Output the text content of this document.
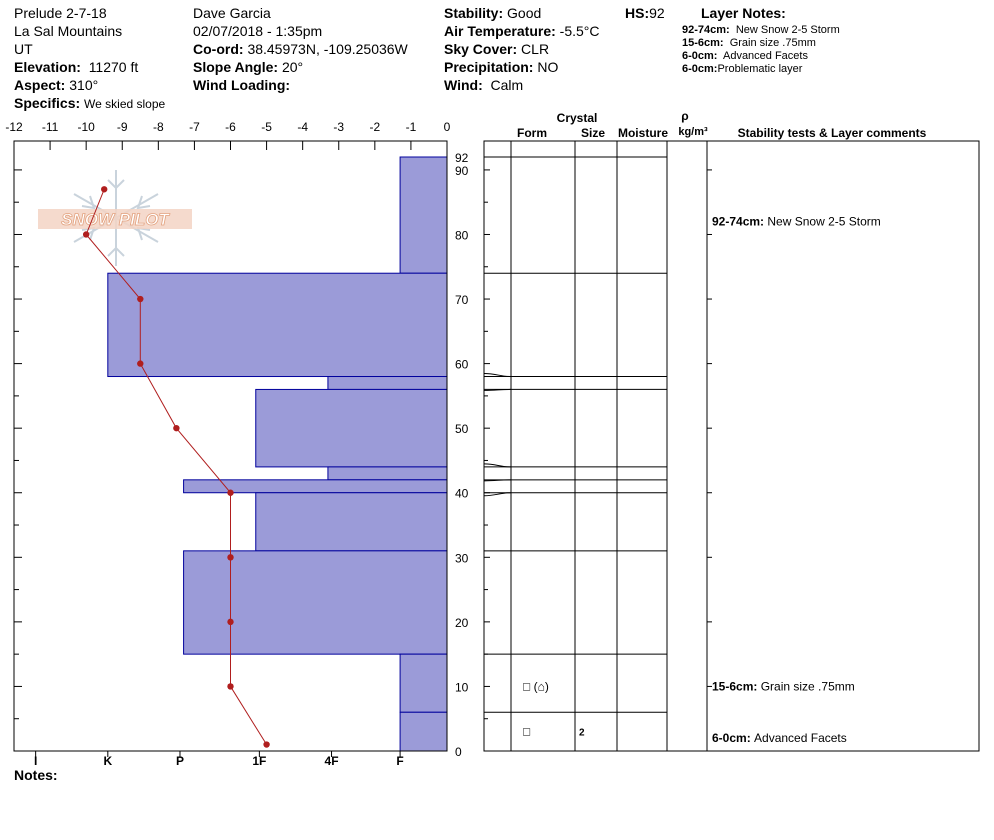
Prelude 2-7-18
La Sal Mountains
UT
Elevation: 11270 ft
Aspect: 310°
Specifics: We skied slope
Dave Garcia
02/07/2018 - 1:35pm
Co-ord: 38.45973N, -109.25036W
Slope Angle: 20°
Wind Loading:
Stability: Good
Air Temperature: -5.5°C
Sky Cover: CLR
Precipitation: NO
Wind: Calm
HS:92	Layer Notes:
92-74cm: New Snow 2-5 Storm
15-6cm: Grain size .75mm
6-0cm: Advanced Facets
6-0cm:Problematic layer
Notes:
SNOW PILOT
-12 -11 -10 -9 -8 -7 -6 -5 -4 -3 -2 -1 0
0
10
20
30
40
50
60
70
80
90
92
I	K	P	1F	4F	F
□ (⌂)
□	2
92-74cm: New Snow 2-5 Storm
15-6cm: Grain size .75mm
6-0cm: Advanced Facets
Crystal
Form	Size Moisture
ρ
kg/m³ Stability tests & Layer comments
